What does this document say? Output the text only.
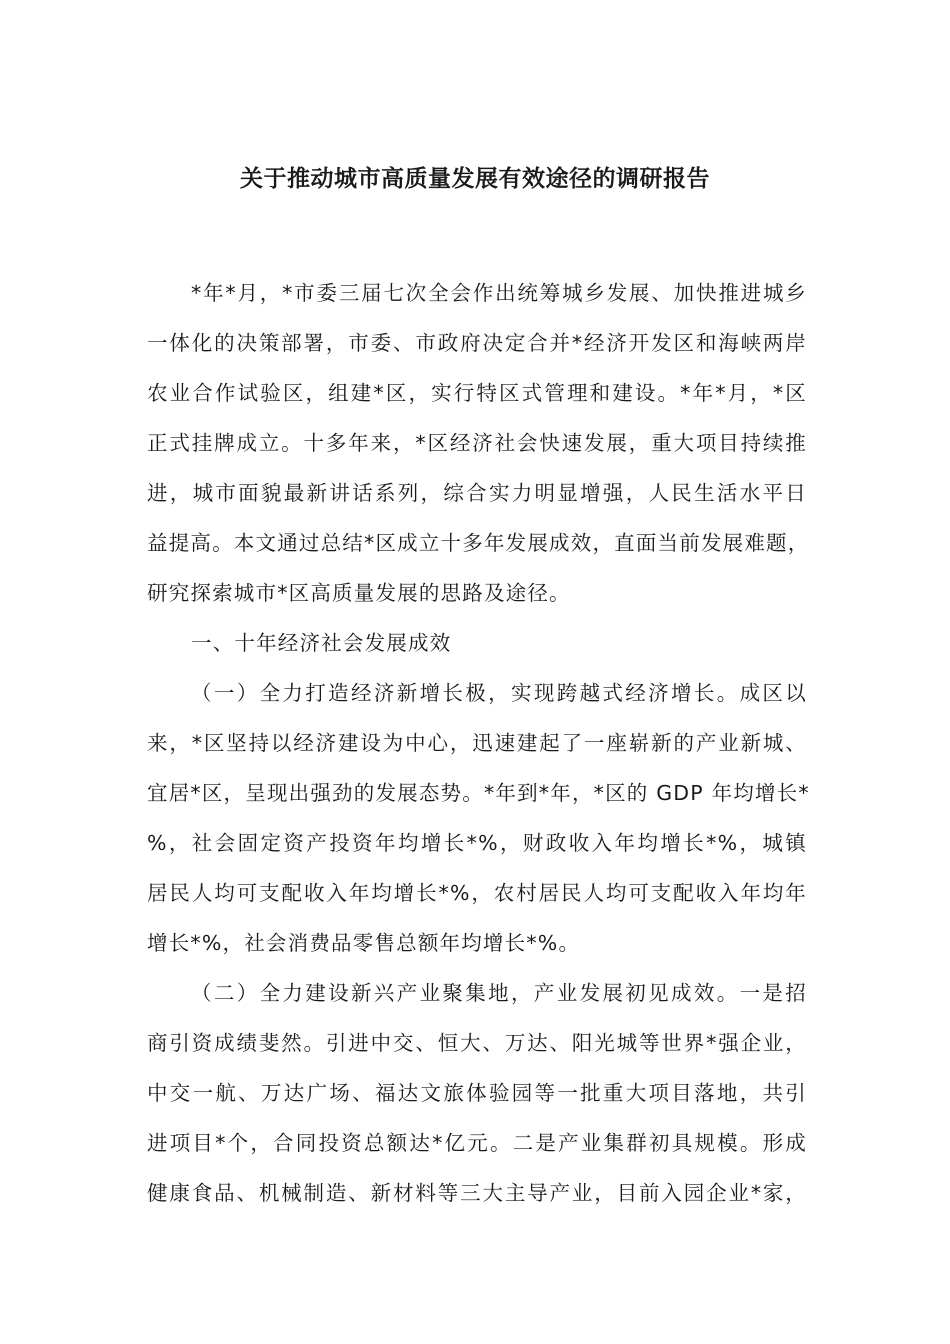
关于推动城市高质量发展有效途径的调研报告
*年*月，*市委三届七次全会作出统筹城乡发展、加快推进城乡
一体化的决策部署，市委、市政府决定合并*经济开发区和海峡两岸
农业合作试验区，组建*区，实行特区式管理和建设。*年*月，*区
正式挂牌成立。十多年来，*区经济社会快速发展，重大项目持续推
进，城市面貌最新讲话系列，综合实力明显增强，人民生活水平日
益提高。本文通过总结*区成立十多年发展成效，直面当前发展难题，
研究探索城市*区高质量发展的思路及途径。
一、十年经济社会发展成效
（一）全力打造经济新增长极，实现跨越式经济增长。成区以
来，*区坚持以经济建设为中心，迅速建起了一座崭新的产业新城、
宜居*区，呈现出强劲的发展态势。*年到*年，*区的 GDP 年均增长*
%，社会固定资产投资年均增长*%，财政收入年均增长*%，城镇
居民人均可支配收入年均增长*%，农村居民人均可支配收入年均年
增长*%，社会消费品零售总额年均增长*%。
（二）全力建设新兴产业聚集地，产业发展初见成效。一是招
商引资成绩斐然。引进中交、恒大、万达、阳光城等世界*强企业，
中交一航、万达广场、福达文旅体验园等一批重大项目落地，共引
进项目*个，合同投资总额达*亿元。二是产业集群初具规模。形成
健康食品、机械制造、新材料等三大主导产业，目前入园企业*家，
